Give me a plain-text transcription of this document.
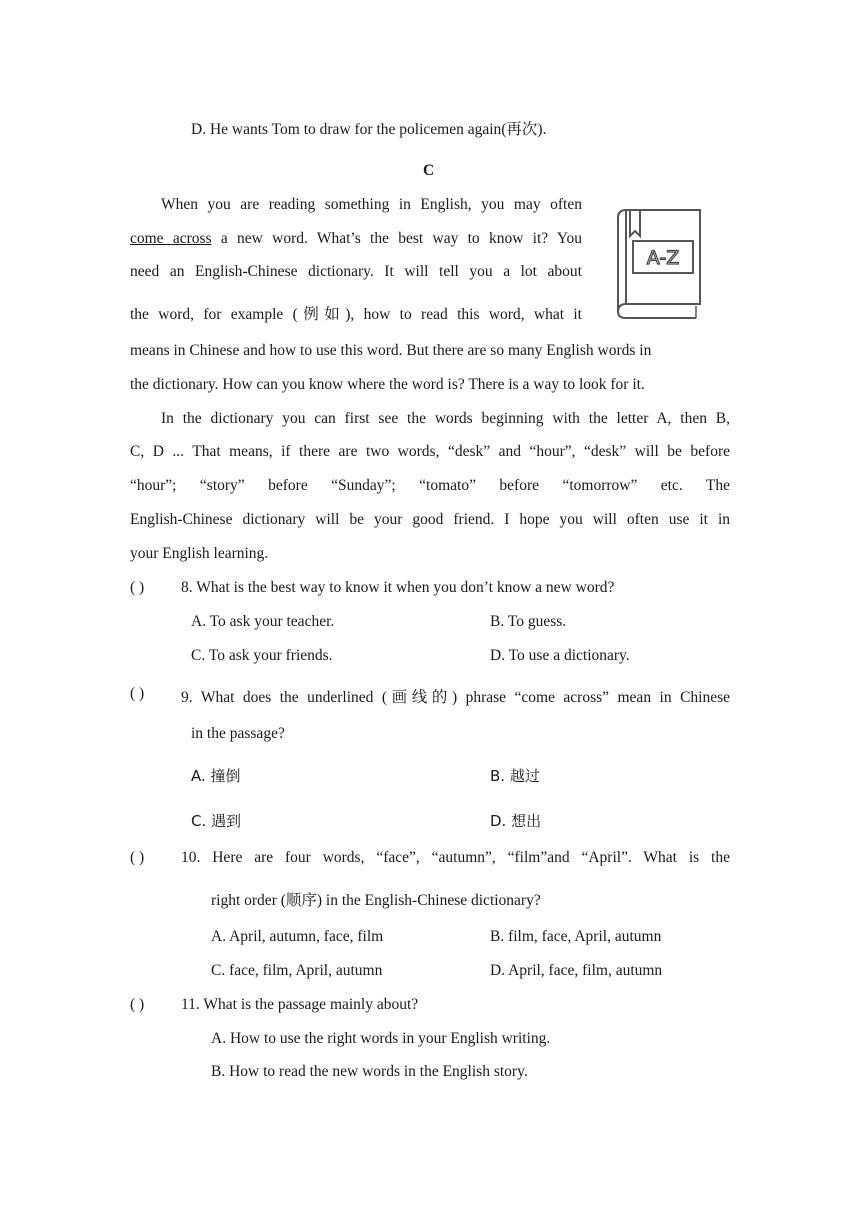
D. He wants Tom to draw for the policemen again(再次).
C
A-Z
When you are reading something in English, you may often
come across a new word. What’s the best way to know it? You
need an English-Chinese dictionary. It will tell you a lot about
the word, for example (例如), how to read this word, what it
means in Chinese and how to use this word. But there are so many English words in
the dictionary. How can you know where the word is? There is a way to look for it.
In the dictionary you can first see the words beginning with the letter A, then B,
C, D ... That means, if there are two words, “desk” and “hour”, “desk” will be before
“hour”; “story” before “Sunday”; “tomato” before “tomorrow” etc. The
English-Chinese dictionary will be your good friend. I hope you will often use it in
your English learning.
( ) 8. What is the best way to know it when you don’t know a new word?
A. To ask your teacher.	B. To guess.
C. To ask your friends.	D. To use a dictionary.
( ) 9. What does the underlined (画线的) phrase “come across” mean in Chinese
in the passage?
A. 撞倒	B. 越过
C. 遇到	D. 想出
( ) 10. Here are four words, “face”, “autumn”, “film”and “April”. What is the
right order (顺序) in the English-Chinese dictionary?
A. April, autumn, face, film	B. film, face, April, autumn
C. face, film, April, autumn	D. April, face, film, autumn
( ) 11. What is the passage mainly about?
A. How to use the right words in your English writing.
B. How to read the new words in the English story.
